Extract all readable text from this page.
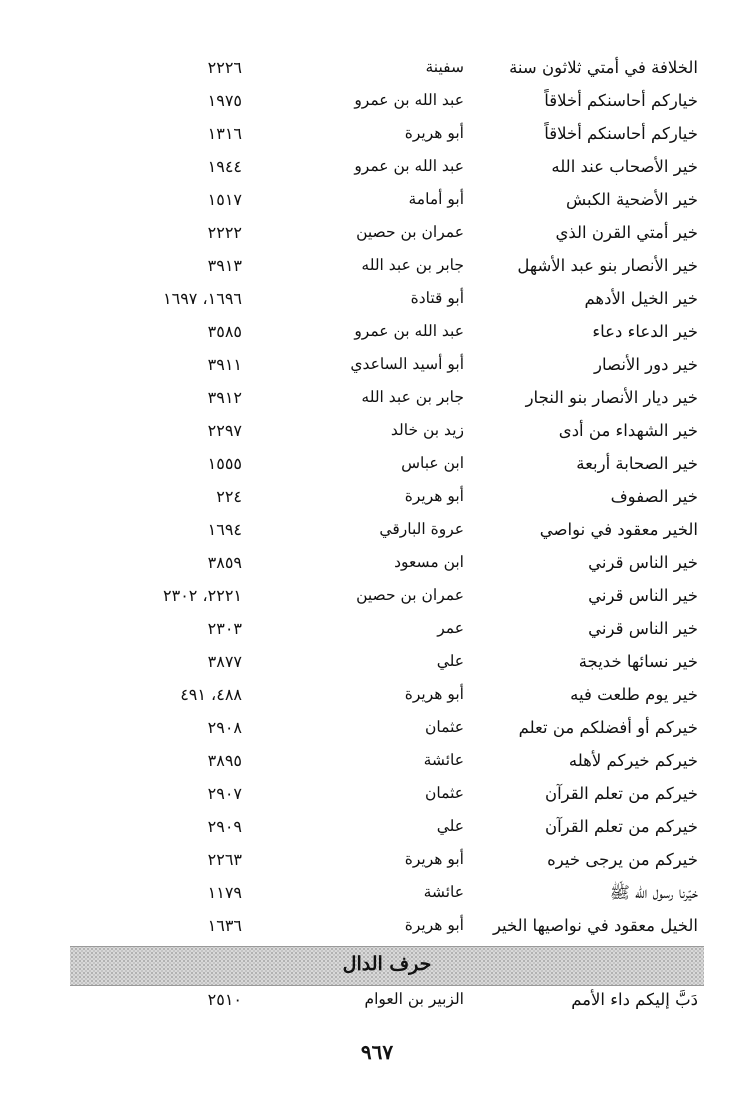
الخلافة في أمتي ثلاثون سنة
سفينة
٢٢٢٦
خياركم أحاسنكم أخلاقاً
عبد الله بن عمرو
١٩٧٥
خياركم أحاسنكم أخلاقاً
أبو هريرة
١٣١٦
خير الأصحاب عند الله
عبد الله بن عمرو
١٩٤٤
خير الأضحية الكبش
أبو أمامة
١٥١٧
خير أمتي القرن الذي
عمران بن حصين
٢٢٢٢
خير الأنصار بنو عبد الأشهل
جابر بن عبد الله
٣٩١٣
خير الخيل الأدهم
أبو قتادة
١٦٩٦، ١٦٩٧
خير الدعاء دعاء
عبد الله بن عمرو
٣٥٨٥
خير دور الأنصار
أبو أسيد الساعدي
٣٩١١
خير ديار الأنصار بنو النجار
جابر بن عبد الله
٣٩١٢
خير الشهداء من أدى
زيد بن خالد
٢٢٩٧
خير الصحابة أربعة
ابن عباس
١٥٥٥
خير الصفوف
أبو هريرة
٢٢٤
الخير معقود في نواصي
عروة البارقي
١٦٩٤
خير الناس قرني
ابن مسعود
٣٨٥٩
خير الناس قرني
عمران بن حصين
٢٢٢١، ٢٣٠٢
خير الناس قرني
عمر
٢٣٠٣
خير نسائها خديجة
علي
٣٨٧٧
خير يوم طلعت فيه
أبو هريرة
٤٨٨، ٤٩١
خيركم أو أفضلكم من تعلم
عثمان
٢٩٠٨
خيركم خيركم لأهله
عائشة
٣٨٩٥
خيركم من تعلم القرآن
عثمان
٢٩٠٧
خيركم من تعلم القرآن
علي
٢٩٠٩
خيركم من يرجى خيره
أبو هريرة
٢٢٦٣
خيّرنا رسول الله ﷺ
عائشة
١١٧٩
الخيل معقود في نواصيها الخير
أبو هريرة
١٦٣٦
حرف الدال
دَبَّ إليكم داء الأمم
الزبير بن العوام
٢٥١٠
٩٦٧
